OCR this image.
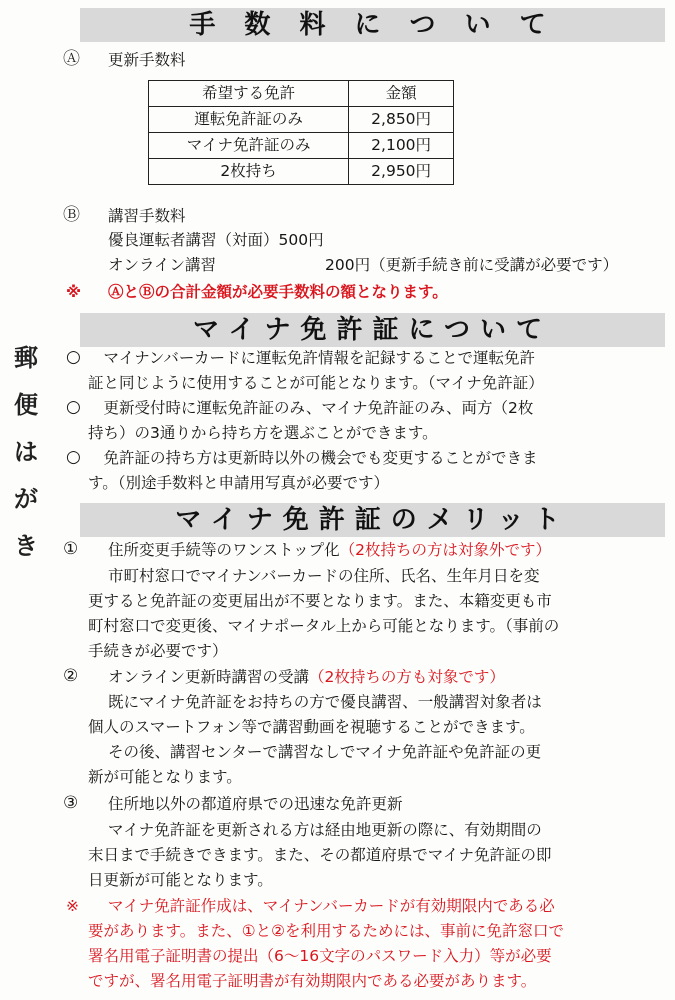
郵
便
は
が
き
手 数 料 に つ い て
Ⓐ 更新手数料
希望する免許	金額
運転免許証のみ	2,850円
マイナ免許証のみ	2,100円
2枚持ち	2,950円
Ⓑ 講習手数料
優良運転者講習（対面）500円
オンライン講習	200円（更新手続き前に受講が必要です）
※ ⒶとⒷの合計金額が必要手数料の額となります。
マイナ免許証について
○ 　マイナンバーカードに運転免許情報を記録することで運転免許
証と同じように使用することが可能となります。（マイナ免許証）
○ 　更新受付時に運転免許証のみ、マイナ免許証のみ、両方（2枚
持ち）の3通りから持ち方を選ぶことができます。
○ 　免許証の持ち方は更新時以外の機会でも変更することができま
す。（別途手数料と申請用写真が必要です）
マイナ免許証のメリット
① 住所変更手続等のワンストップ化（2枚持ちの方は対象外です）
市町村窓口でマイナンバーカードの住所、氏名、生年月日を変
更すると免許証の変更届出が不要となります。また、本籍変更も市
町村窓口で変更後、マイナポータル上から可能となります。（事前の
手続きが必要です）
② オンライン更新時講習の受講（2枚持ちの方も対象です）
既にマイナ免許証をお持ちの方で優良講習、一般講習対象者は
個人のスマートフォン等で講習動画を視聴することができます。
その後、講習センターで講習なしでマイナ免許証や免許証の更
新が可能となります。
③ 住所地以外の都道府県での迅速な免許更新
マイナ免許証を更新される方は経由地更新の際に、有効期間の
末日まで手続きできます。また、その都道府県でマイナ免許証の即
日更新が可能となります。
※ マイナ免許証作成は、マイナンバーカードが有効期限内である必
要があります。また、①と②を利用するためには、事前に免許窓口で
署名用電子証明書の提出（6～16文字のパスワード入力）等が必要
ですが、署名用電子証明書が有効期限内である必要があります。
